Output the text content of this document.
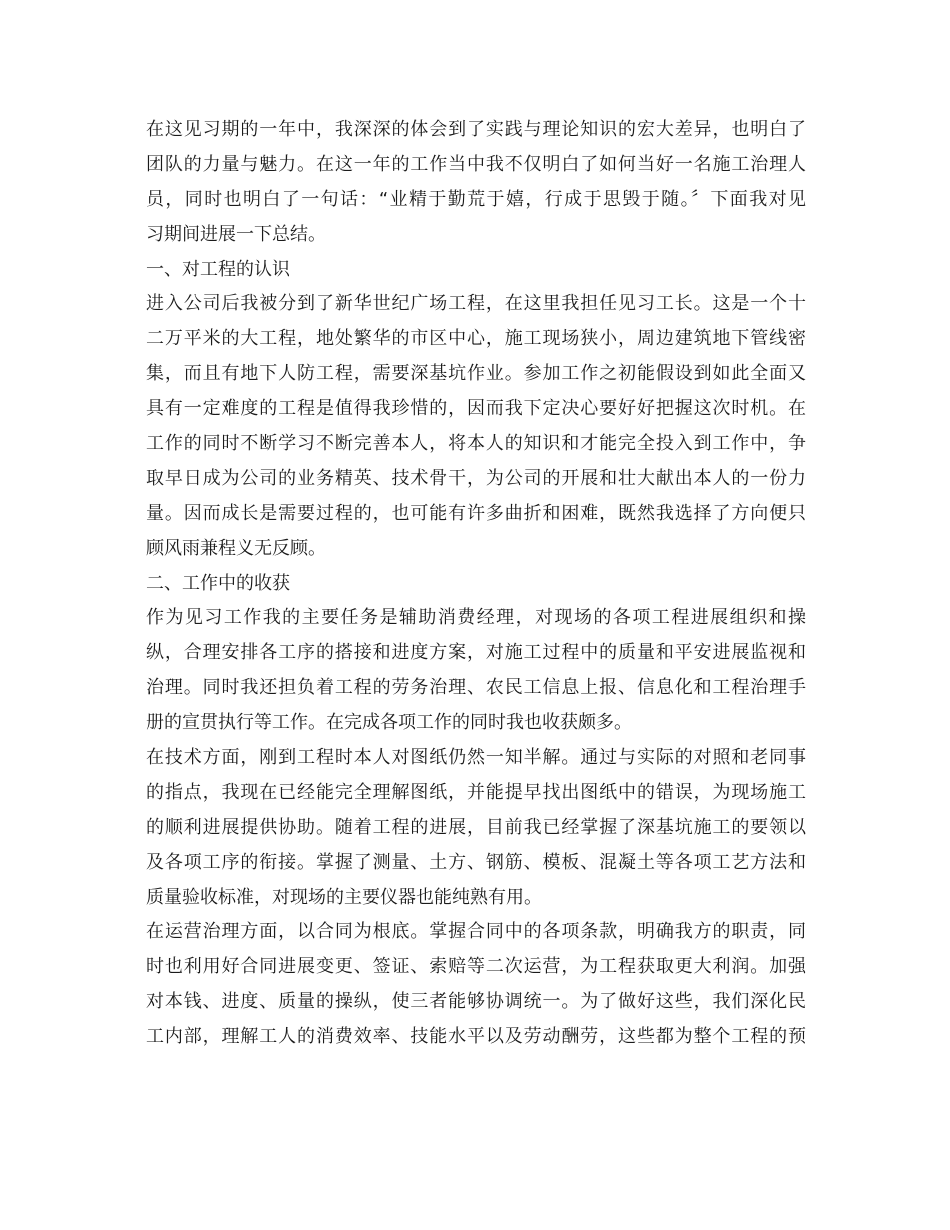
在这见习期的一年中，我深深的体会到了实践与理论知识的宏大差异，也明白了
团队的力量与魅力。在这一年的工作当中我不仅明白了如何当好一名施工治理人
员，同时也明白了一句话：“业精于勤荒于嬉，行成于思毁于随。〞下面我对见
习期间进展一下总结。
一、对工程的认识
进入公司后我被分到了新华世纪广场工程，在这里我担任见习工长。这是一个十
二万平米的大工程，地处繁华的市区中心，施工现场狭小，周边建筑地下管线密
集，而且有地下人防工程，需要深基坑作业。参加工作之初能假设到如此全面又
具有一定难度的工程是值得我珍惜的，因而我下定决心要好好把握这次时机。在
工作的同时不断学习不断完善本人，将本人的知识和才能完全投入到工作中，争
取早日成为公司的业务精英、技术骨干，为公司的开展和壮大献出本人的一份力
量。因而成长是需要过程的，也可能有许多曲折和困难，既然我选择了方向便只
顾风雨兼程义无反顾。
二、工作中的收获
作为见习工作我的主要任务是辅助消费经理，对现场的各项工程进展组织和操
纵，合理安排各工序的搭接和进度方案，对施工过程中的质量和平安进展监视和
治理。同时我还担负着工程的劳务治理、农民工信息上报、信息化和工程治理手
册的宣贯执行等工作。在完成各项工作的同时我也收获颇多。
在技术方面，刚到工程时本人对图纸仍然一知半解。通过与实际的对照和老同事
的指点，我现在已经能完全理解图纸，并能提早找出图纸中的错误，为现场施工
的顺利进展提供协助。随着工程的进展，目前我已经掌握了深基坑施工的要领以
及各项工序的衔接。掌握了测量、土方、钢筋、模板、混凝土等各项工艺方法和
质量验收标准，对现场的主要仪器也能纯熟有用。
在运营治理方面，以合同为根底。掌握合同中的各项条款，明确我方的职责，同
时也利用好合同进展变更、签证、索赔等二次运营，为工程获取更大利润。加强
对本钱、进度、质量的操纵，使三者能够协调统一。为了做好这些，我们深化民
工内部，理解工人的消费效率、技能水平以及劳动酬劳，这些都为整个工程的预
